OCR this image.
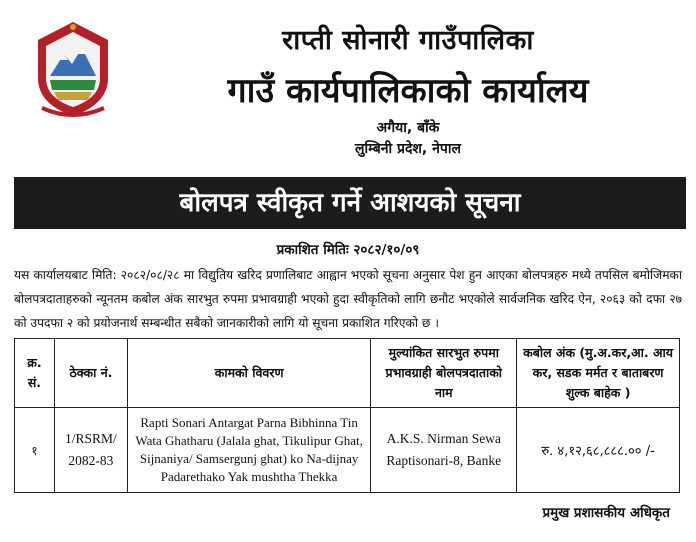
राप्ती सोनारी गाउँपालिका
गाउँ कार्यपालिकाको कार्यालय
अगैया, बाँके
लुम्बिनी प्रदेश, नेपाल
बोलपत्र स्वीकृत गर्ने आशयको सूचना
प्रकाशित मितिः २०८२/१०/०९
यस कार्यालयबाट मिति: २०८२/०८/२८ मा विद्युतिय खरिद प्रणालिबाट आह्वान भएको सूचना अनुसार पेश हुन आएका बोलपत्रहरु मध्ये तपसिल बमोजिमका बोलपत्रदाताहरुको न्यूनतम कबोल अंक सारभुत रुपमा प्रभावग्राही भएको हुदा स्वीकृतिको लागि छनौट भएकोले सार्वजनिक खरिद ऐन, २०६३ को दफा २७ को उपदफा २ को प्रयोजनार्थ सम्बन्धीत सबैको जानकारीको लागि यो सूचना प्रकाशित गरिएको छ ।
क्र. सं.	ठेक्का नं.	कामको विवरण	मुल्यांकित सारभुत रुपमा प्रभावग्राही बोलपत्रदाताको नाम	कबोल अंक (मु.अ.कर,आ. आय कर, सडक मर्मत र बाताबरण शुल्क बाहेक )
१	1/RSRM/ 2082-83	Rapti Sonari Antargat Parna Bibhinna Tin Wata Ghatharu (Jalala ghat, Tikulipur Ghat, Sijnaniya/ Samsergunj ghat) ko Na-dijnay Padarethako Yak mushtha Thekka	A.K.S. Nirman Sewa Raptisonari-8, Banke	रु. ४,१२,६८,८८८.०० /-
प्रमुख प्रशासकीय अधिकृत
